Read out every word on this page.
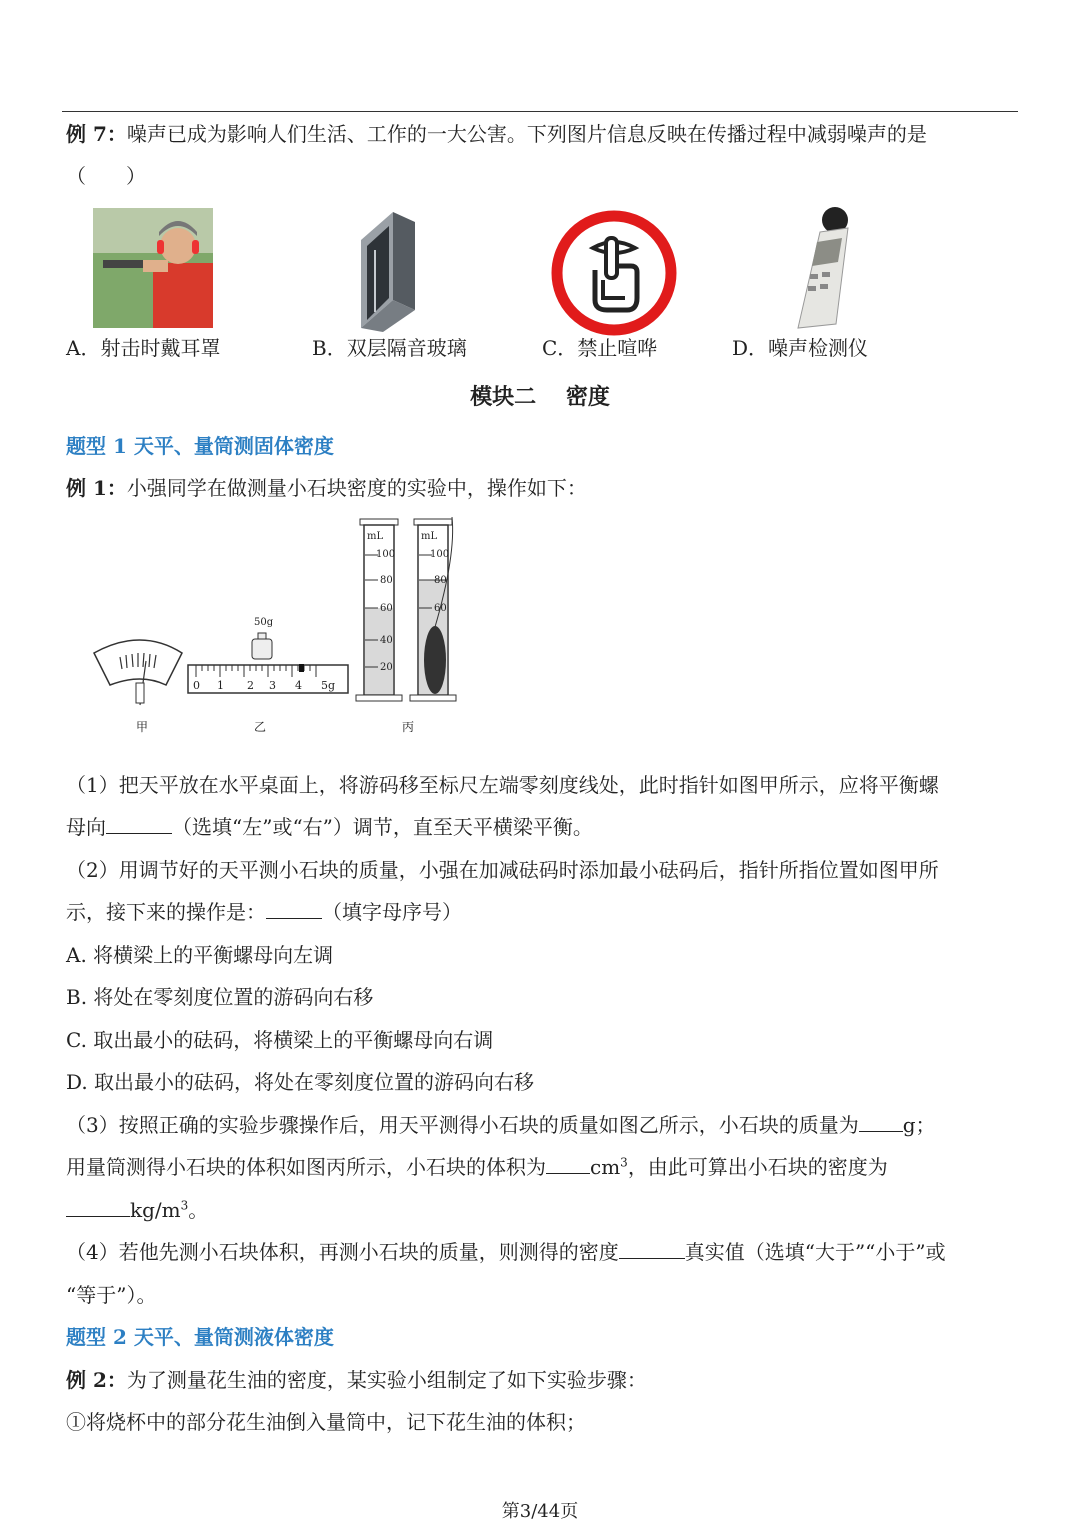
例 7：噪声已成为影响人们生活、工作的一大公害。下列图片信息反映在传播过程中减弱噪声的是
（　　）
A．射击时戴耳罩	B．双层隔音玻璃	C．禁止喧哗	D．噪声检测仪
模块二　 密度
题型 1 天平、量筒测固体密度
例 1：小强同学在做测量小石块密度的实验中，操作如下：
甲
50g
0 1 2 3 4 5g
乙
mL
100
80
60
40
20
mL
100
80
60
丙
（1）把天平放在水平桌面上，将游码移至标尺左端零刻度线处，此时指针如图甲所示，应将平衡螺
母向	（选填“左”或“右”）调节，直至天平横梁平衡。
（2）用调节好的天平测小石块的质量，小强在加减砝码时添加最小砝码后，指针所指位置如图甲所
示，接下来的操作是：	（填字母序号）
A. 将横梁上的平衡螺母向左调
B. 将处在零刻度位置的游码向右移
C. 取出最小的砝码，将横梁上的平衡螺母向右调
D. 取出最小的砝码，将处在零刻度位置的游码向右移
（3）按照正确的实验步骤操作后，用天平测得小石块的质量如图乙所示，小石块的质量为 g；
用量筒测得小石块的体积如图丙所示，小石块的体积为 $cm^3$，由此可算出小石块的密度为
$kg/m^3$。
（4）若他先测小石块体积，再测小石块的质量，则测得的密度	真实值（选填“大于”“小于”或
“等于”）。
题型 2 天平、量筒测液体密度
例 2：为了测量花生油的密度，某实验小组制定了如下实验步骤：
①将烧杯中的部分花生油倒入量筒中，记下花生油的体积；
第3/44页
